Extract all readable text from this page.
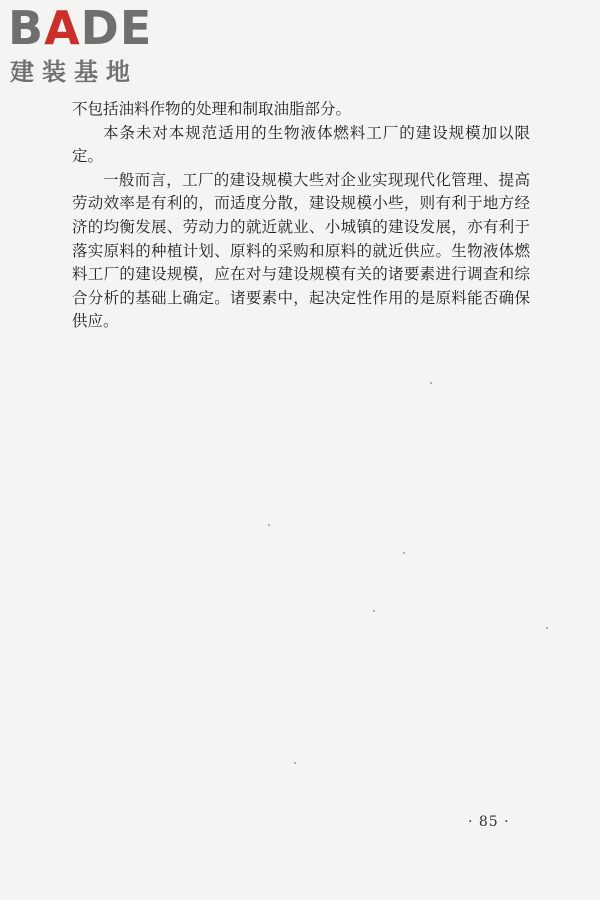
BADE
建装基地

不包括油料作物的处理和制取油脂部分。

本条未对本规范适用的生物液体燃料工厂的建设规模加以限定。

一般而言，工厂的建设规模大些对企业实现现代化管理、提高劳动效率是有利的，而适度分散，建设规模小些，则有利于地方经济的均衡发展、劳动力的就近就业、小城镇的建设发展，亦有利于落实原料的种植计划、原料的采购和原料的就近供应。生物液体燃料工厂的建设规模，应在对与建设规模有关的诸要素进行调查和综合分析的基础上确定。诸要素中，起决定性作用的是原料能否确保供应。

· 85 ·
